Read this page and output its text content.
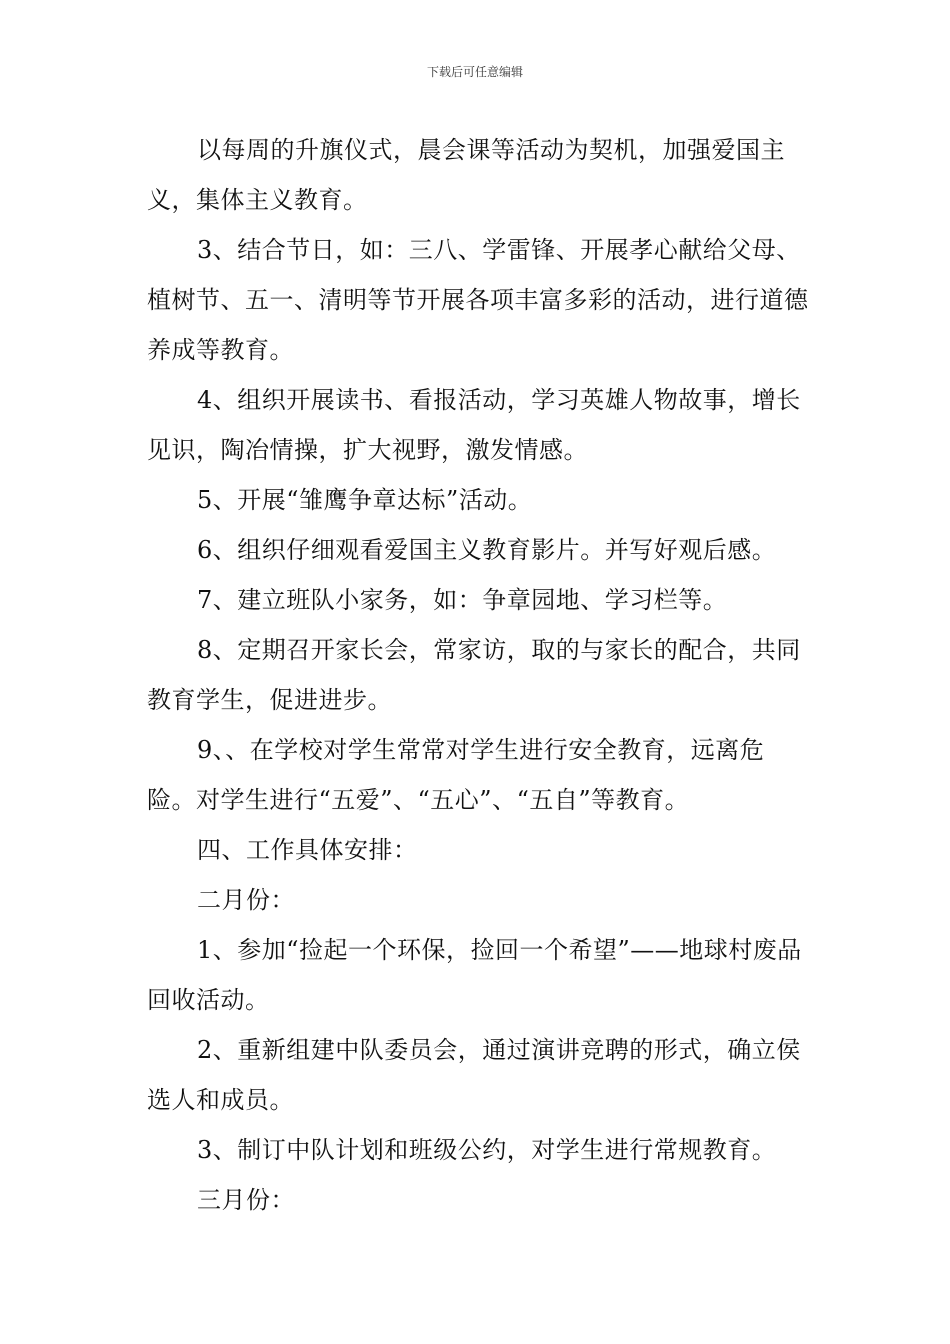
下载后可任意编辑

以每周的升旗仪式，晨会课等活动为契机，加强爱国主义，集体主义教育。

3、结合节日，如：三八、学雷锋、开展孝心献给父母、植树节、五一、清明等节开展各项丰富多彩的活动，进行道德养成等教育。

4、组织开展读书、看报活动，学习英雄人物故事，增长见识，陶冶情操，扩大视野，激发情感。

5、开展“雏鹰争章达标”活动。

6、组织仔细观看爱国主义教育影片。并写好观后感。

7、建立班队小家务，如：争章园地、学习栏等。

8、定期召开家长会，常家访，取的与家长的配合，共同教育学生，促进进步。

9、、在学校对学生常常对学生进行安全教育，远离危险。对学生进行“五爱”、“五心”、“五自”等教育。

四、工作具体安排：

二月份：

1、参加“捡起一个环保，捡回一个希望”——地球村废品回收活动。

2、重新组建中队委员会，通过演讲竞聘的形式，确立侯选人和成员。

3、制订中队计划和班级公约，对学生进行常规教育。

三月份：
